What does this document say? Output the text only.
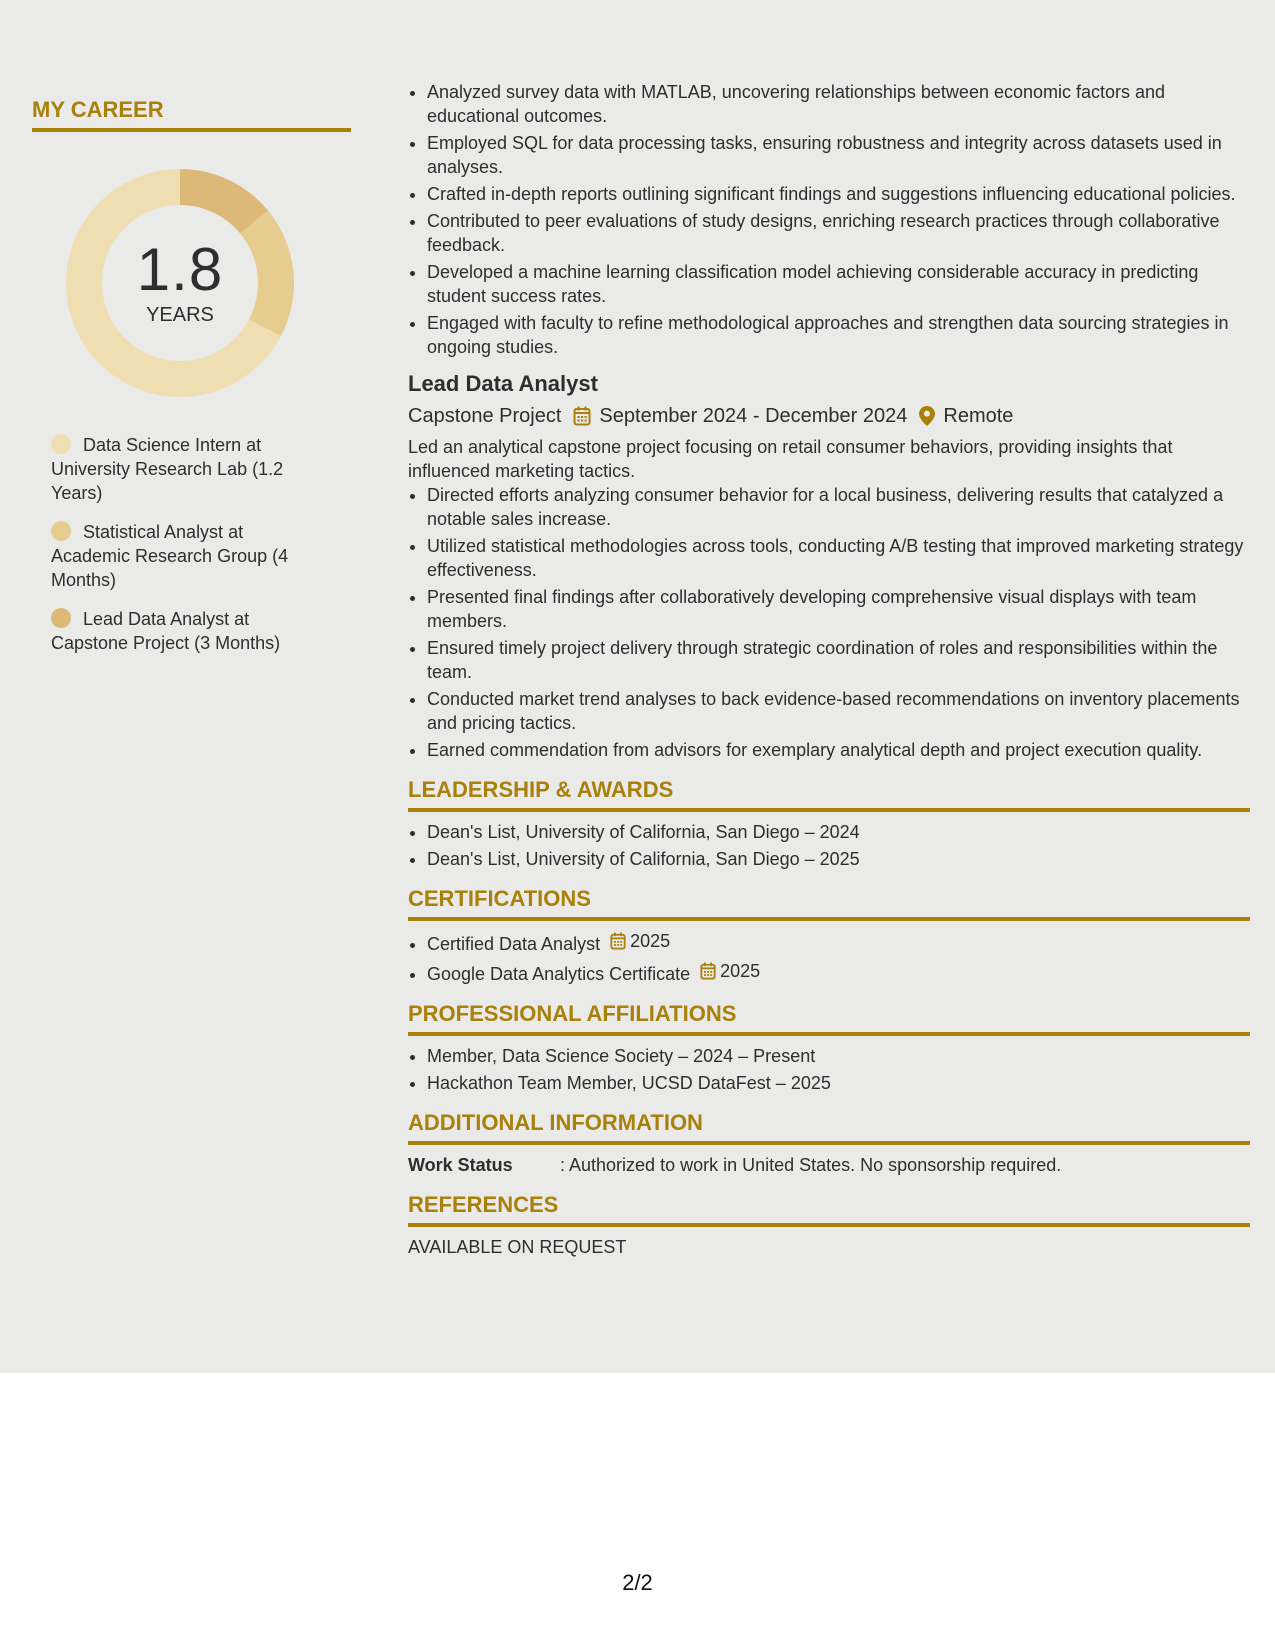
MY CAREER
1.8
YEARS
Data Science Intern at University Research Lab (1.2 Years)
Statistical Analyst at Academic Research Group (4 Months)
Lead Data Analyst at Capstone Project (3 Months)
• Analyzed survey data with MATLAB, uncovering relationships between economic factors and educational outcomes.
• Employed SQL for data processing tasks, ensuring robustness and integrity across datasets used in analyses.
• Crafted in-depth reports outlining significant findings and suggestions influencing educational policies.
• Contributed to peer evaluations of study designs, enriching research practices through collaborative feedback.
• Developed a machine learning classification model achieving considerable accuracy in predicting student success rates.
• Engaged with faculty to refine methodological approaches and strengthen data sourcing strategies in ongoing studies.
Lead Data Analyst
Capstone Project September 2024 - December 2024 Remote
Led an analytical capstone project focusing on retail consumer behaviors, providing insights that influenced marketing tactics.
• Directed efforts analyzing consumer behavior for a local business, delivering results that catalyzed a notable sales increase.
• Utilized statistical methodologies across tools, conducting A/B testing that improved marketing strategy effectiveness.
• Presented final findings after collaboratively developing comprehensive visual displays with team members.
• Ensured timely project delivery through strategic coordination of roles and responsibilities within the team.
• Conducted market trend analyses to back evidence-based recommendations on inventory placements and pricing tactics.
• Earned commendation from advisors for exemplary analytical depth and project execution quality.
LEADERSHIP & AWARDS
• Dean's List, University of California, San Diego – 2024
• Dean's List, University of California, San Diego – 2025
CERTIFICATIONS
• Certified Data Analyst 2025
• Google Data Analytics Certificate 2025
PROFESSIONAL AFFILIATIONS
• Member, Data Science Society – 2024 – Present
• Hackathon Team Member, UCSD DataFest – 2025
ADDITIONAL INFORMATION
Work Status	: Authorized to work in United States. No sponsorship required.
REFERENCES
AVAILABLE ON REQUEST
2/2
